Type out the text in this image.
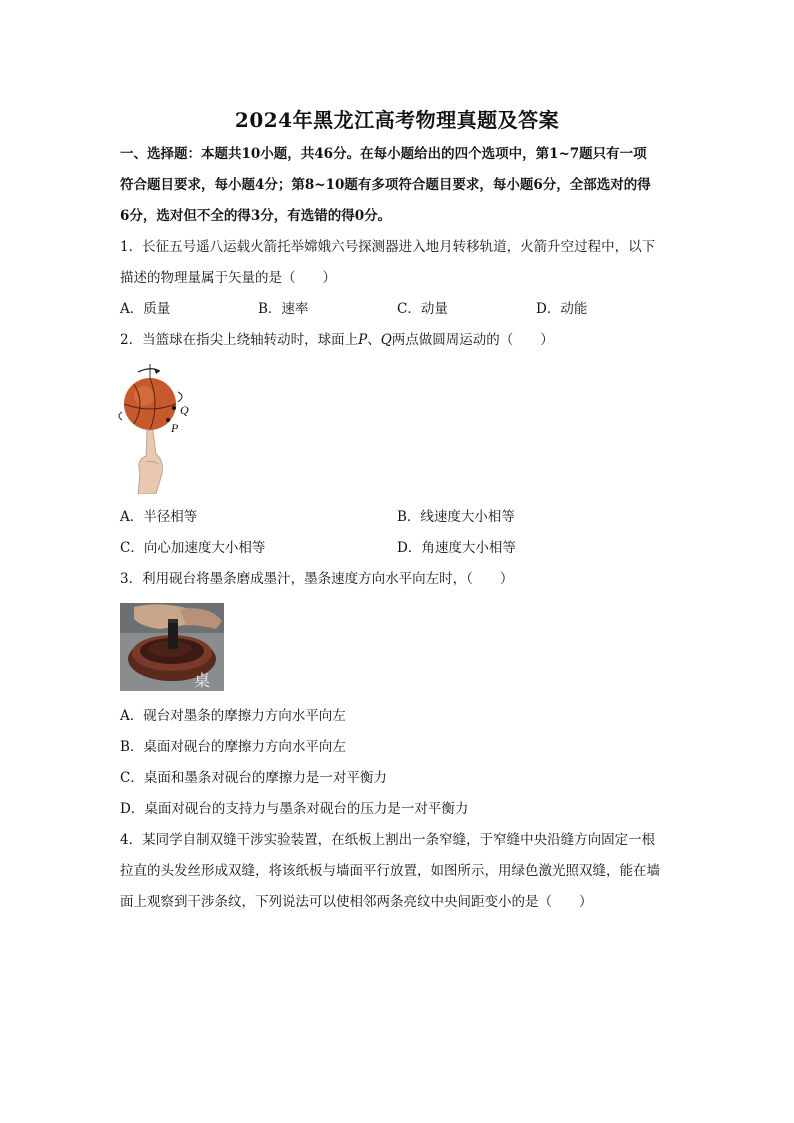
2024年黑龙江高考物理真题及答案
一、选择题：本题共10小题，共46分。在每小题给出的四个选项中，第1~7题只有一项
符合题目要求，每小题4分；第8~10题有多项符合题目要求，每小题6分，全部选对的得
6分，选对但不全的得3分，有选错的得0分。
1．长征五号遥八运载火箭托举嫦娥六号探测器进入地月转移轨道，火箭升空过程中，以下
描述的物理量属于矢量的是（　　）
A．质量	B．速率	C．动量	D．动能
2．当篮球在指尖上绕轴转动时，球面上P、Q两点做圆周运动的（　　）
Q
P
A．半径相等	B．线速度大小相等
C．向心加速度大小相等	D．角速度大小相等
3．利用砚台将墨条磨成墨汁，墨条速度方向水平向左时，（　　）
桌
A．砚台对墨条的摩擦力方向水平向左
B．桌面对砚台的摩擦力方向水平向左
C．桌面和墨条对砚台的摩擦力是一对平衡力
D．桌面对砚台的支持力与墨条对砚台的压力是一对平衡力
4．某同学自制双缝干涉实验装置，在纸板上割出一条窄缝，于窄缝中央沿缝方向固定一根
拉直的头发丝形成双缝，将该纸板与墙面平行放置，如图所示，用绿色激光照双缝，能在墙
面上观察到干涉条纹，下列说法可以使相邻两条亮纹中央间距变小的是（　　）
